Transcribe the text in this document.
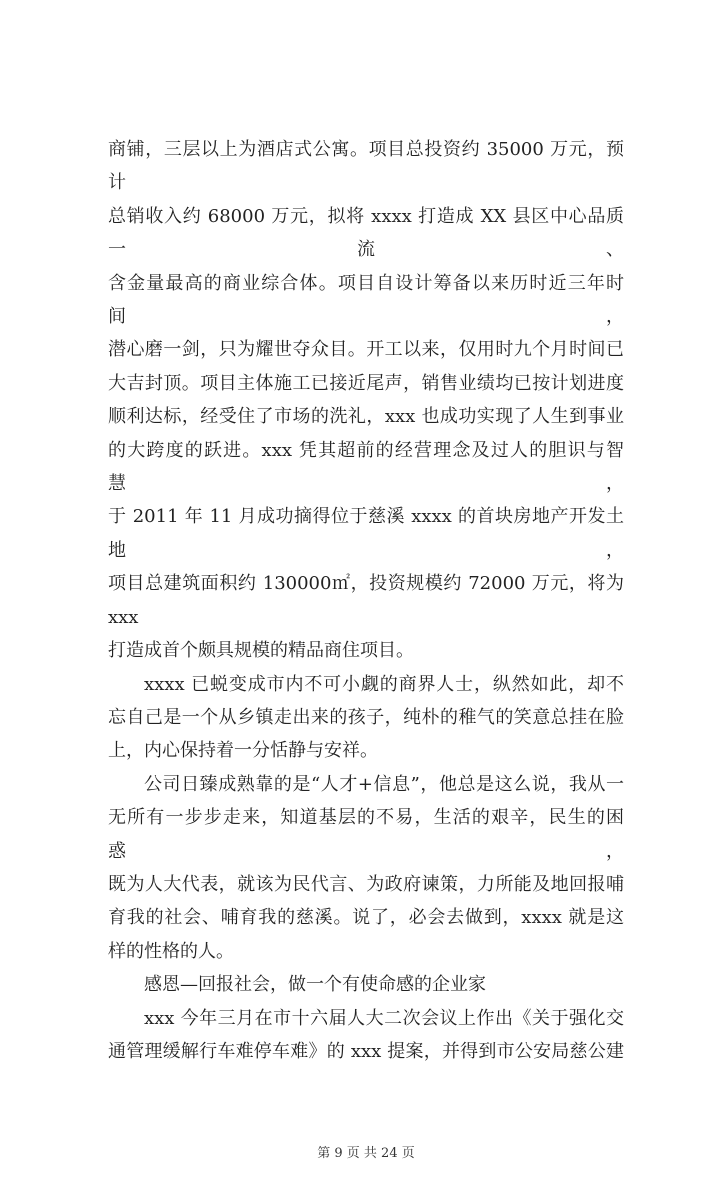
商铺，三层以上为酒店式公寓。项目总投资约 35000 万元，预计
总销收入约 68000 万元，拟将 xxxx 打造成 XX 县区中心品质一流、
含金量最高的商业综合体。项目自设计筹备以来历时近三年时间，
潜心磨一剑，只为耀世夺众目。开工以来，仅用时九个月时间已
大吉封顶。项目主体施工已接近尾声，销售业绩均已按计划进度
顺利达标，经受住了市场的洗礼，xxx 也成功实现了人生到事业
的大跨度的跃进。xxx 凭其超前的经营理念及过人的胆识与智慧，
于 2011 年 11 月成功摘得位于慈溪 xxxx 的首块房地产开发土地，
项目总建筑面积约 130000㎡，投资规模约 72000 万元，将为 xxx
打造成首个颇具规模的精品商住项目。
xxxx 已蜕变成市内不可小觑的商界人士，纵然如此，却不
忘自己是一个从乡镇走出来的孩子，纯朴的稚气的笑意总挂在脸
上，内心保持着一分恬静与安祥。
公司日臻成熟靠的是“人才+信息”，他总是这么说，我从一
无所有一步步走来，知道基层的不易，生活的艰辛，民生的困惑，
既为人大代表，就该为民代言、为政府谏策，力所能及地回报哺
育我的社会、哺育我的慈溪。说了，必会去做到，xxxx 就是这
样的性格的人。
感恩—回报社会，做一个有使命感的企业家
xxx 今年三月在市十六届人大二次会议上作出《关于强化交
通管理缓解行车难停车难》的 xxx 提案，并得到市公安局慈公建
第 9 页 共 24 页
